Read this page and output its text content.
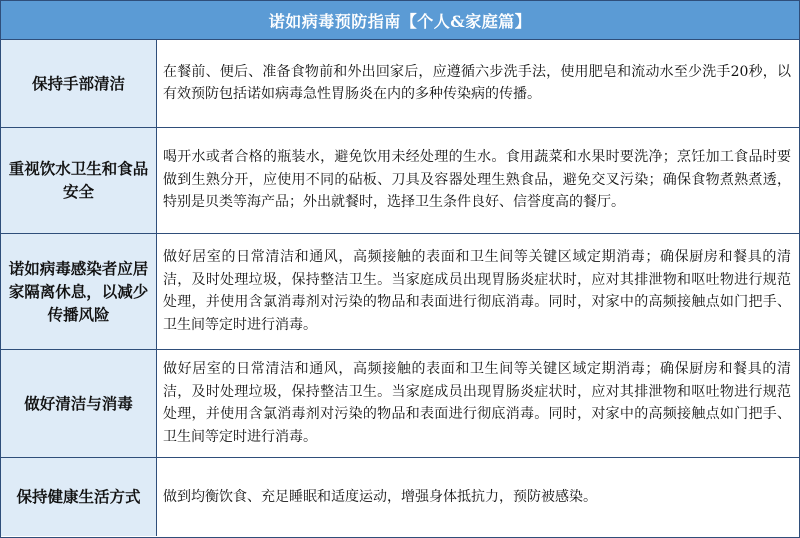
诺如病毒预防指南【个人&家庭篇】
保持手部清洁	在餐前、便后、准备食物前和外出回家后，应遵循六步洗手法，使用肥皂和流动水至少洗手20秒，以有效预防包括诺如病毒急性胃肠炎在内的多种传染病的传播。
重视饮水卫生和食品安全	喝开水或者合格的瓶装水，避免饮用未经处理的生水。食用蔬菜和水果时要洗净；烹饪加工食品时要做到生熟分开，应使用不同的砧板、刀具及容器处理生熟食品，避免交叉污染；确保食物煮熟煮透，特别是贝类等海产品；外出就餐时，选择卫生条件良好、信誉度高的餐厅。
诺如病毒感染者应居家隔离休息，以减少传播风险	做好居室的日常清洁和通风，高频接触的表面和卫生间等关键区域定期消毒；确保厨房和餐具的清洁，及时处理垃圾，保持整洁卫生。当家庭成员出现胃肠炎症状时，应对其排泄物和呕吐物进行规范处理，并使用含氯消毒剂对污染的物品和表面进行彻底消毒。同时，对家中的高频接触点如门把手、卫生间等定时进行消毒。
做好清洁与消毒	做好居室的日常清洁和通风，高频接触的表面和卫生间等关键区域定期消毒；确保厨房和餐具的清洁，及时处理垃圾，保持整洁卫生。当家庭成员出现胃肠炎症状时，应对其排泄物和呕吐物进行规范处理，并使用含氯消毒剂对污染的物品和表面进行彻底消毒。同时，对家中的高频接触点如门把手、卫生间等定时进行消毒。
保持健康生活方式	做到均衡饮食、充足睡眠和适度运动，增强身体抵抗力，预防被感染。
